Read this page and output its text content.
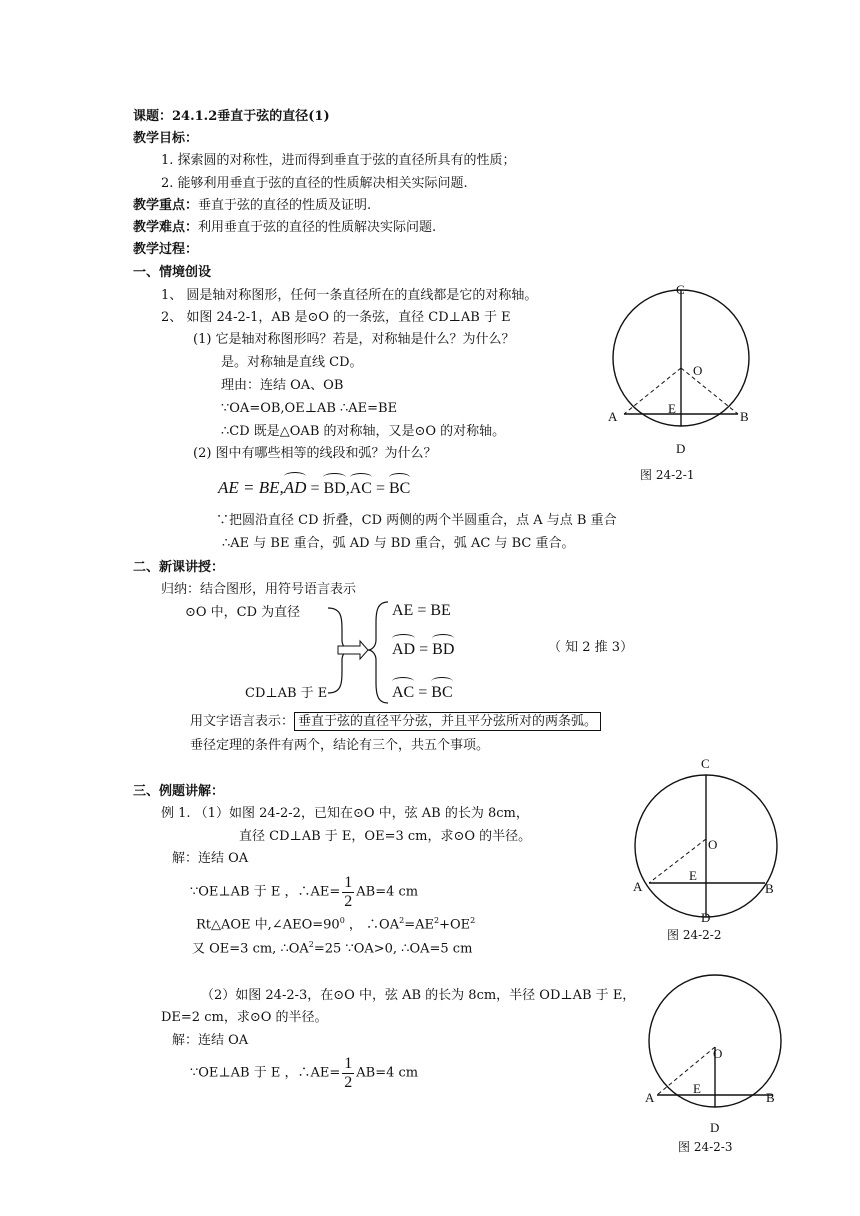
课题：24.1.2垂直于弦的直径(1)
教学目标：
1. 探索圆的对称性，进而得到垂直于弦的直径所具有的性质；
2. 能够利用垂直于弦的直径的性质解决相关实际问题.
教学重点：垂直于弦的直径的性质及证明.
教学难点：利用垂直于弦的直径的性质解决实际问题.
教学过程：
一、情境创设
1、 圆是轴对称图形，任何一条直径所在的直线都是它的对称轴。
2、 如图 24-2-1，AB 是⊙O 的一条弦，直径 CD⊥AB 于 E
(1) 它是轴对称图形吗？若是，对称轴是什么？为什么？
是。对称轴是直线 CD。
理由：连结 OA、OB
∵OA=OB,OE⊥AB ∴AE=BE
∴CD 既是△OAB 的对称轴，又是⊙O 的对称轴。
(2) 图中有哪些相等的线段和弧？为什么？
AE = BE,AD = BD,AC = BC
∵把圆沿直径 CD 折叠，CD 两侧的两个半圆重合，点 A 与点 B 重合
∴AE 与 BE 重合，弧 AD 与 BD 重合，弧 AC 与 BC 重合。
C
O
A	B
E
D
图 24-2-1
二、新课讲授：
归纳：结合图形，用符号语言表示
⊙O 中，CD 为直径
CD⊥AB 于 E
AE = BE
AD = BD
AC = BC
（ 知 2 推 3）
用文字语言表示： 垂直于弦的直径平分弦，并且平分弦所对的两条弧。
垂径定理的条件有两个，结论有三个，共五个事项。
三、例题讲解：
例 1. （1）如图 24-2-2，已知在⊙O 中，弦 AB 的长为 8cm，
直径 CD⊥AB 于 E，OE=3 cm，求⊙O 的半径。
解：连结 OA
∵OE⊥AB 于 E ，∴AE= $\frac{1}{2} AB=4$ cm
Rt△AOE 中$,\angle AEO=90^0$ ， $\therefore OA^2=AE^2+OE^2$
又 OE=3 cm, $\therefore OA^2=25$ ∵OA>0, ∴OA=5 cm
C
O
A	B
E
D
图 24-2-2
（2）如图 24-2-3，在⊙O 中，弦 AB 的长为 8cm，半径 OD⊥AB 于 E，
DE=2 cm，求⊙O 的半径。
解：连结 OA
∵OE⊥AB 于 E ，∴AE= $\frac{1}{2} AB=4$ cm
O
A	B
E
D
图 24-2-3
